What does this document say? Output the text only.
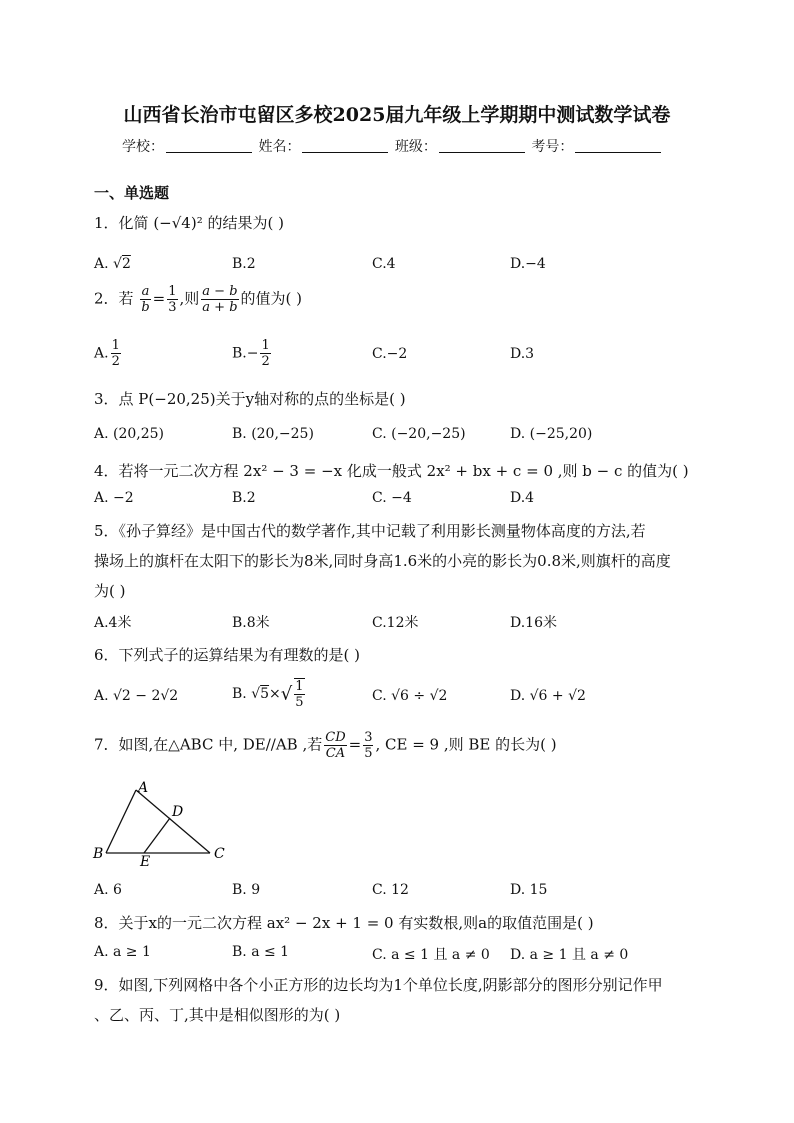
山西省长治市屯留区多校2025届九年级上学期期中测试数学试卷
学校：	姓名：	班级：	考号：
一、单选题
1．化简 (−√4)² 的结果为( )
A. √2	B.2	C.4	D.−4
2．若 $\frac{a}{b} = \frac{1}{3}$ ,则 $\frac{a - b}{a + b}$ 的值为( )
A. $\frac{1}{2}$	$B.- \frac{1}{2}$	C.−2	D.3
3．点 P(−20,25)关于y轴对称的点的坐标是( )
A. (20,25)	B. (20,−25)	C. (−20,−25)	D. (−25,20)
4．若将一元二次方程 2x² − 3 = −x 化成一般式 2x² + bx + c = 0 ,则 b − c 的值为( )
A. −2	B.2	C. −4	D.4
5．《孙子算经》是中国古代的数学著作,其中记载了利用影长测量物体高度的方法,若
操场上的旗杆在太阳下的影长为8米,同时身高1.6米的小亮的影长为0.8米,则旗杆的高度
为( )
A.4米	B.8米	C.12米	D.16米
6．下列式子的运算结果为有理数的是( )
A. √2 − 2√2	B. $√5\times√ \frac{1}{5}$	C. √6 ÷ √2	D. √6 + √2
7．如图,在△ABC 中, DE//AB ,若 $\frac{CD}{CA} = \frac{3}{5}$ , CE = 9 ,则 BE 的长为( )
A
B	C
D
E
A. 6	B. 9	C. 12	D. 15
8．关于x的一元二次方程 ax² − 2x + 1 = 0 有实数根,则a的取值范围是( )
A. a ≥ 1	B. a ≤ 1	C. a ≤ 1 且 a ≠ 0 D. a ≥ 1 且 a ≠ 0
9．如图,下列网格中各个小正方形的边长均为1个单位长度,阴影部分的图形分别记作甲
、乙、丙、丁,其中是相似图形的为( )
